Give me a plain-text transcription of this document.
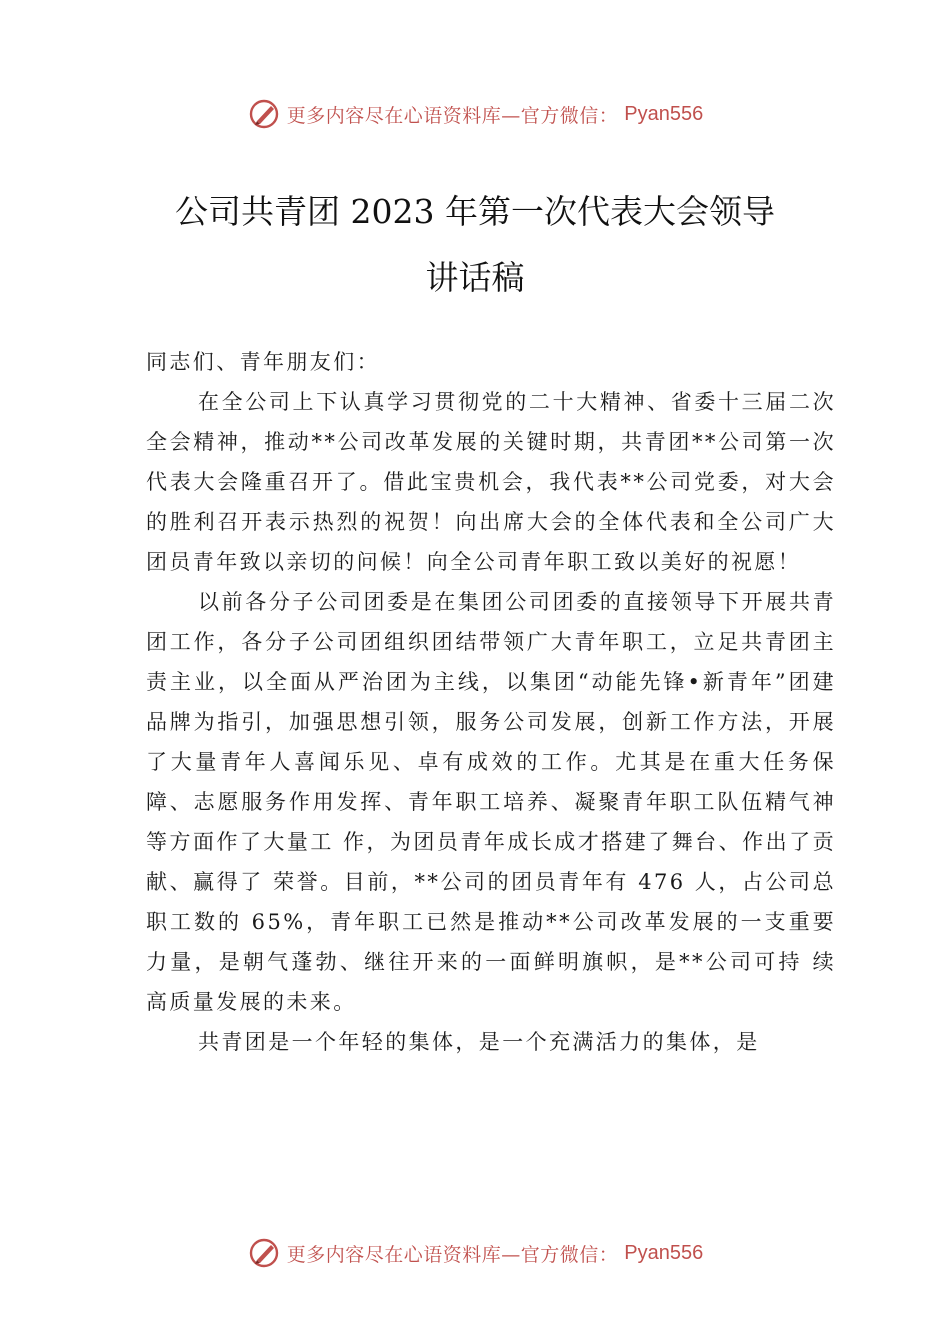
更多内容尽在心语资料库—官方微信： Pyan556
公司共青团 2023 年第一次代表大会领导
讲话稿

同志们、青年朋友们：

在全公司上下认真学习贯彻党的二十大精神、省委十三届二次全会精神，推动**公司改革发展的关键时期，共青团**公司第一次代表大会隆重召开了。借此宝贵机会，我代表**公司党委，对大会的胜利召开表示热烈的祝贺！向出席大会的全体代表和全公司广大团员青年致以亲切的问候！向全公司青年职工致以美好的祝愿！

以前各分子公司团委是在集团公司团委的直接领导下开展共青团工作，各分子公司团组织团结带领广大青年职工，立足共青团主责主业，以全面从严治团为主线，以集团“动能先锋•新青年”团建品牌为指引，加强思想引领，服务公司发展，创新工作方法，开展了大量青年人喜闻乐见、卓有成效的工作。尤其是在重大任务保障、志愿服务作用发挥、青年职工培养、凝聚青年职工队伍精气神等方面作了大量工 作，为团员青年成长成才搭建了舞台、作出了贡献、赢得了 荣誉。目前，**公司的团员青年有 476 人，占公司总职工数的 65%，青年职工已然是推动**公司改革发展的一支重要力量，是朝气蓬勃、继往开来的一面鲜明旗帜，是**公司可持 续高质量发展的未来。

共青团是一个年轻的集体，是一个充满活力的集体，是

更多内容尽在心语资料库—官方微信： Pyan556
